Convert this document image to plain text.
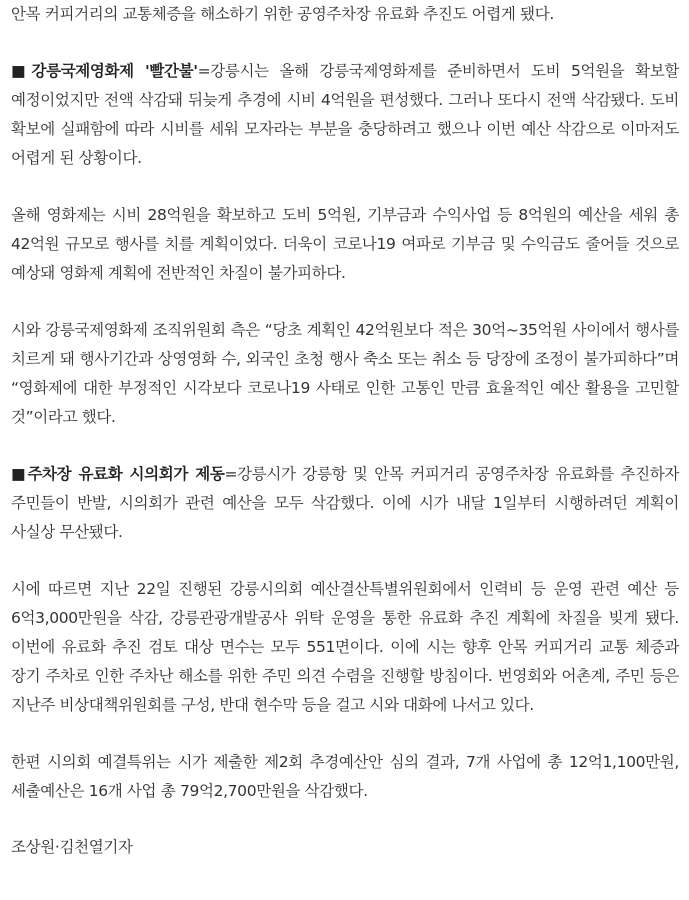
안목 커피거리의 교통체증을 해소하기 위한 공영주차장 유료화 추진도 어렵게 됐다.

■강릉국제영화제 '빨간불'=강릉시는 올해 강릉국제영화제를 준비하면서 도비 5억원을 확보할 예정이었지만 전액 삭감돼 뒤늦게 추경에 시비 4억원을 편성했다. 그러나 또다시 전액 삭감됐다. 도비 확보에 실패함에 따라 시비를 세워 모자라는 부분을 충당하려고 했으나 이번 예산 삭감으로 이마저도 어렵게 된 상황이다.

올해 영화제는 시비 28억원을 확보하고 도비 5억원, 기부금과 수익사업 등 8억원의 예산을 세워 총 42억원 규모로 행사를 치를 계획이었다. 더욱이 코로나19 여파로 기부금 및 수익금도 줄어들 것으로 예상돼 영화제 계획에 전반적인 차질이 불가피하다.

시와 강릉국제영화제 조직위원회 측은 “당초 계획인 42억원보다 적은 30억~35억원 사이에서 행사를 치르게 돼 행사기간과 상영영화 수, 외국인 초청 행사 축소 또는 취소 등 당장에 조정이 불가피하다”며 “영화제에 대한 부정적인 시각보다 코로나19 사태로 인한 고통인 만큼 효율적인 예산 활용을 고민할 것”이라고 했다.

■주차장 유료화 시의회가 제동=강릉시가 강릉항 및 안목 커피거리 공영주차장 유료화를 추진하자 주민들이 반발, 시의회가 관련 예산을 모두 삭감했다. 이에 시가 내달 1일부터 시행하려던 계획이 사실상 무산됐다.

시에 따르면 지난 22일 진행된 강릉시의회 예산결산특별위원회에서 인력비 등 운영 관련 예산 등 6억3,000만원을 삭감, 강릉관광개발공사 위탁 운영을 통한 유료화 추진 계획에 차질을 빚게 됐다. 이번에 유료화 추진 검토 대상 면수는 모두 551면이다. 이에 시는 향후 안목 커피거리 교통 체증과 장기 주차로 인한 주차난 해소를 위한 주민 의견 수렴을 진행할 방침이다. 번영회와 어촌계, 주민 등은 지난주 비상대책위원회를 구성, 반대 현수막 등을 걸고 시와 대화에 나서고 있다.

한편 시의회 예결특위는 시가 제출한 제2회 추경예산안 심의 결과, 7개 사업에 총 12억1,100만원, 세출예산은 16개 사업 총 79억2,700만원을 삭감했다.

조상원·김천열기자
